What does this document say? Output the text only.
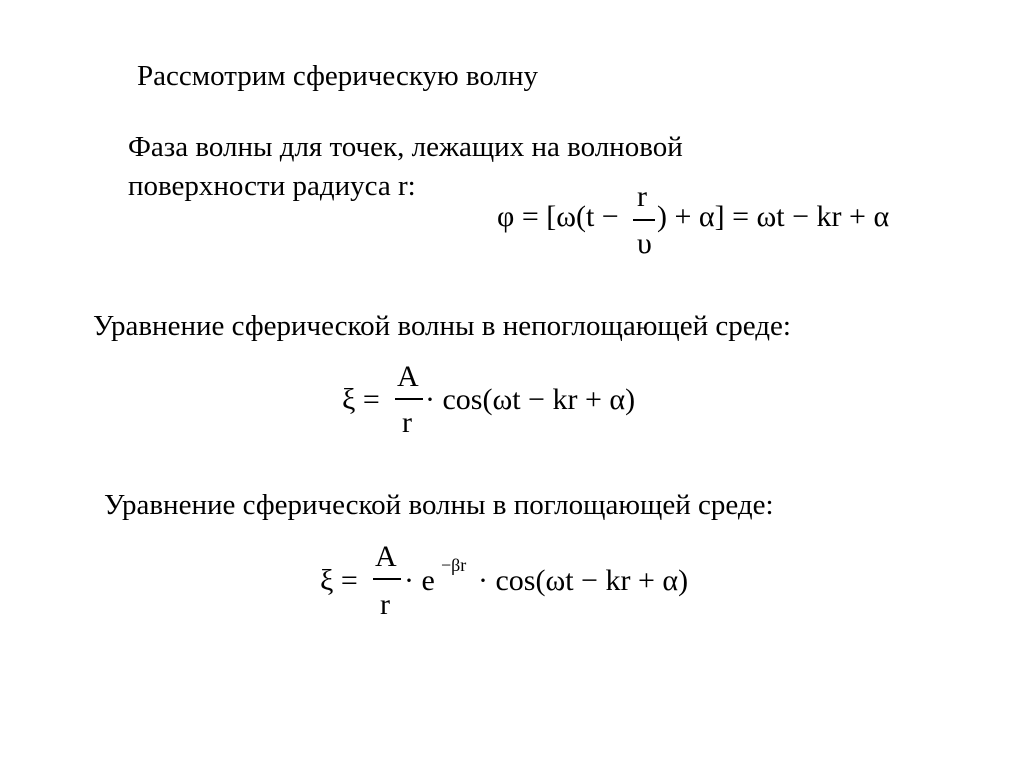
Рассмотрим сферическую волну
Фаза волны для точек, лежащих на волновой
поверхности радиуса r:
φ = [ω(t −
r
υ
) + α] = ωt − kr + α
Уравнение сферической волны в непоглощающей среде:
ξ =
A
r
· cos(ωt − kr + α)
Уравнение сферической волны в поглощающей среде:
ξ =
A
r
· e −βr · cos(ωt − kr + α)
